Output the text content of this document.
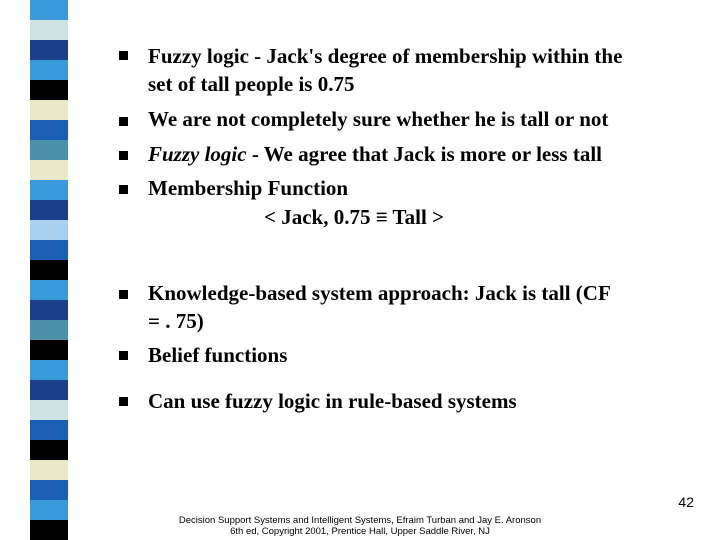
Fuzzy logic - Jack's degree of membership within the
set of tall people is 0.75
We are not completely sure whether he is tall or not
Fuzzy logic - We agree that Jack is more or less tall
Membership Function
< Jack, 0.75 ≡ Tall >
Knowledge-based system approach: Jack is tall (CF
= . 75)
Belief functions
Can use fuzzy logic in rule-based systems
42
Decision Support Systems and Intelligent Systems, Efraim Turban and Jay E. Aronson
6th ed, Copyright 2001, Prentice Hall, Upper Saddle River, NJ
